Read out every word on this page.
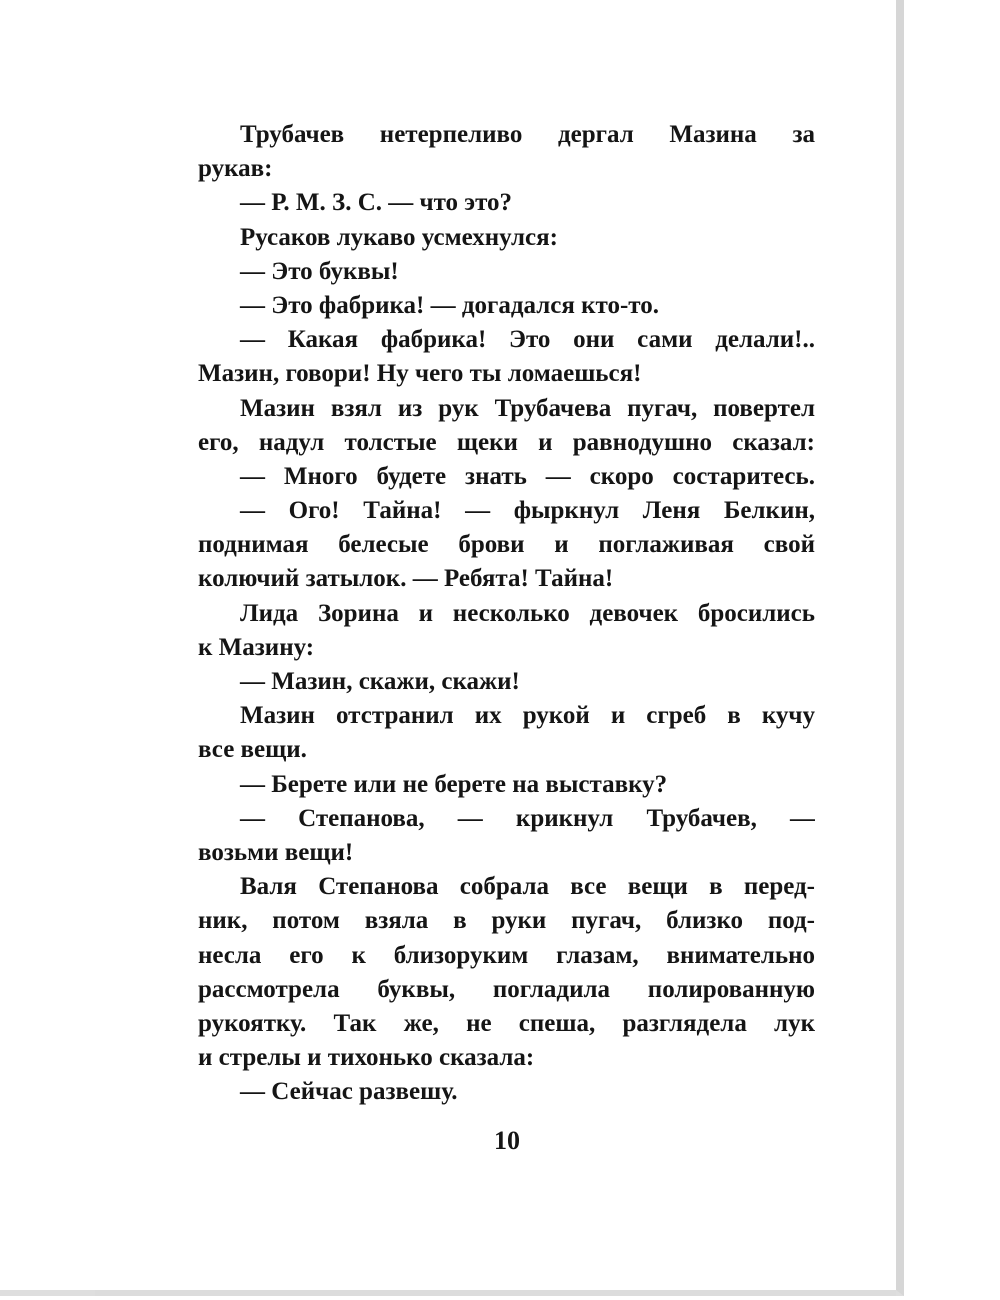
Трубачев нетерпеливо дергал Мазина за
рукав:
— Р. М. З. С. — что это?
Русаков лукаво усмехнулся:
— Это буквы!
— Это фабрика! — догадался кто-то.
— Какая фабрика! Это они сами делали!..
Мазин, говори! Ну чего ты ломаешься!
Мазин взял из рук Трубачева пугач, повертел
его, надул толстые щеки и равнодушно сказал:
— Много будете знать — скоро состаритесь.
— Ого! Тайна! — фыркнул Леня Белкин,
поднимая белесые брови и поглаживая свой
колючий затылок. — Ребята! Тайна!
Лида Зорина и несколько девочек бросились
к Мазину:
— Мазин, скажи, скажи!
Мазин отстранил их рукой и сгреб в кучу
все вещи.
— Берете или не берете на выставку?
— Степанова, — крикнул Трубачев, —
возьми вещи!
Валя Степанова собрала все вещи в перед-
ник, потом взяла в руки пугач, близко под-
несла его к близоруким глазам, внимательно
рассмотрела буквы, погладила полированную
рукоятку. Так же, не спеша, разглядела лук
и стрелы и тихонько сказала:
— Сейчас развешу.
10
